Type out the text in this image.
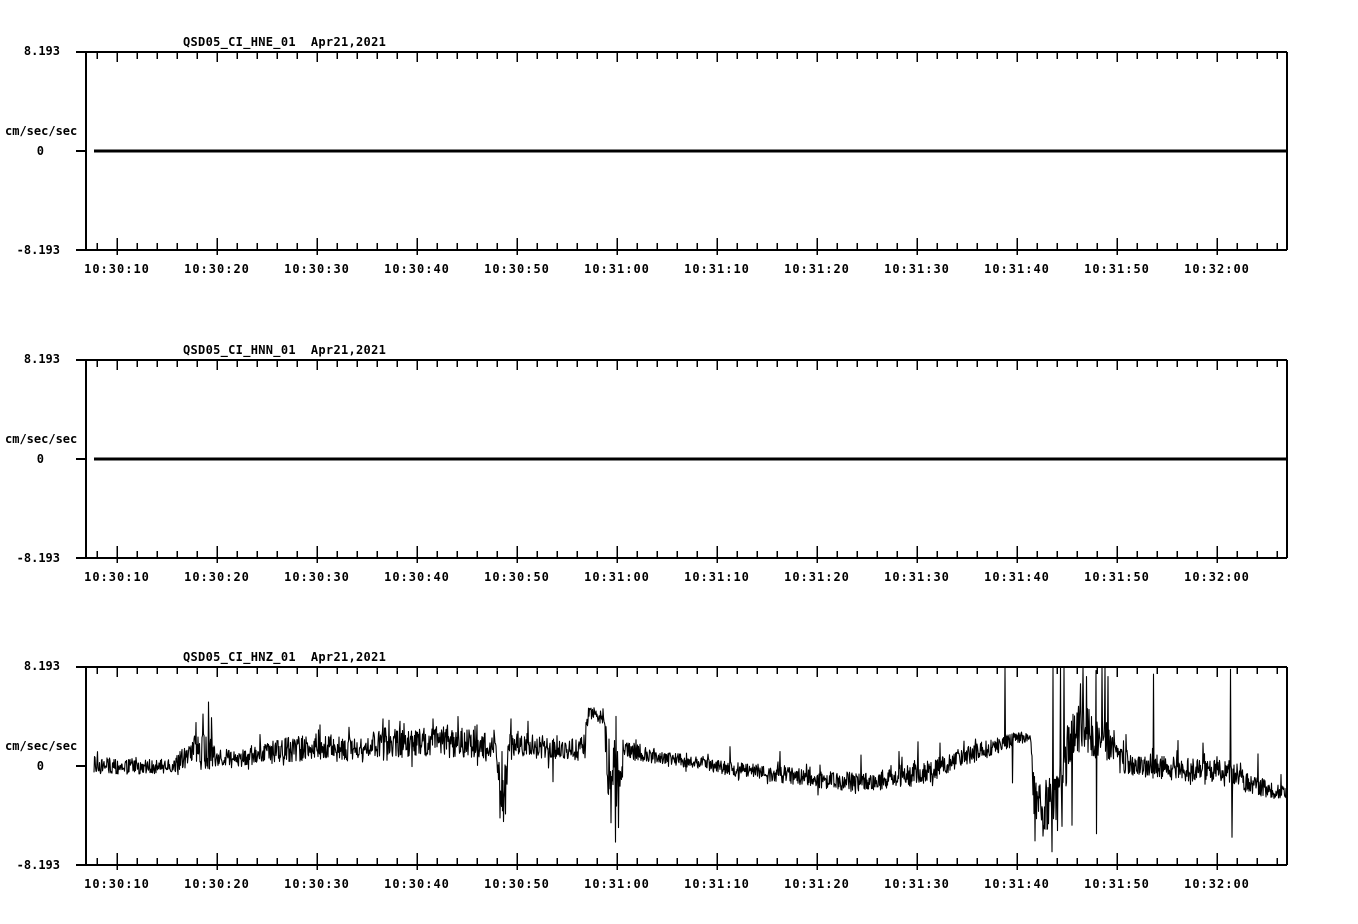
QSD05_CI_HNE_01 Apr21,2021
8.193
cm/sec/sec
0
-8.193
10:30:10	10:30:20	10:30:30	10:30:40	10:30:50	10:31:00	10:31:10	10:31:20	10:31:30	10:31:40	10:31:50	10:32:00
QSD05_CI_HNN_01 Apr21,2021
8.193
cm/sec/sec
0
-8.193
10:30:10	10:30:20	10:30:30	10:30:40	10:30:50	10:31:00	10:31:10	10:31:20	10:31:30	10:31:40	10:31:50	10:32:00
QSD05_CI_HNZ_01 Apr21,2021
8.193
cm/sec/sec
0
-8.193
10:30:10	10:30:20	10:30:30	10:30:40	10:30:50	10:31:00	10:31:10	10:31:20	10:31:30	10:31:40	10:31:50	10:32:00
